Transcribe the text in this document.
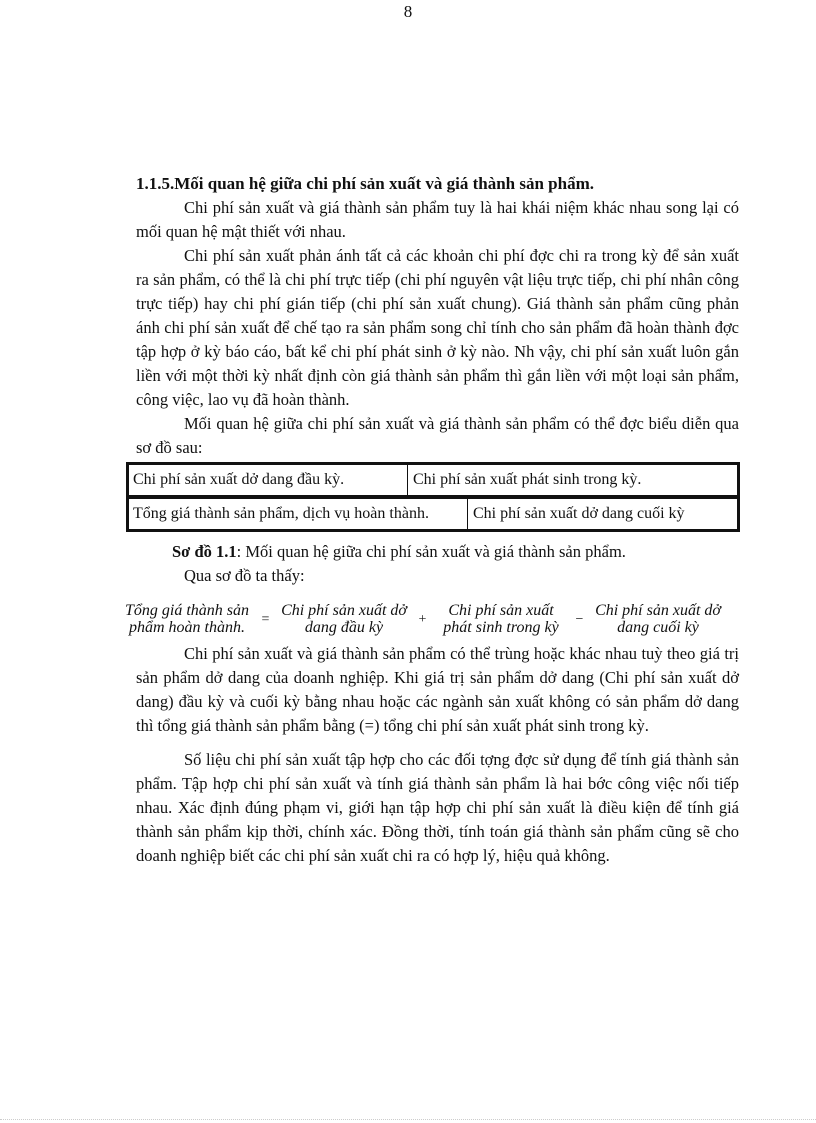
8
1.1.5.Mối quan hệ giữa chi phí sản xuất và giá thành sản phẩm.

Chi phí sản xuất và giá thành sản phẩm tuy là hai khái niệm khác nhau song lại có mối quan hệ mật thiết với nhau.

Chi phí sản xuất phản ánh tất cả các khoản chi phí đợc chi ra trong kỳ để sản xuất ra sản phẩm, có thể là chi phí trực tiếp (chi phí nguyên vật liệu trực tiếp, chi phí nhân công trực tiếp) hay chi phí gián tiếp (chi phí sản xuất chung). Giá thành sản phẩm cũng phản ánh chi phí sản xuất để chế tạo ra sản phẩm song chỉ tính cho sản phẩm đã hoàn thành đợc tập hợp ở kỳ báo cáo, bất kể chi phí phát sinh ở kỳ nào. Nh vậy, chi phí sản xuất luôn gắn liền với một thời kỳ nhất định còn giá thành sản phẩm thì gắn liền với một loại sản phẩm, công việc, lao vụ đã hoàn thành.

Mối quan hệ giữa chi phí sản xuất và giá thành sản phẩm có thể đợc biểu diễn qua sơ đồ sau:

Chi phí sản xuất dở dang đầu kỳ.	Chi phí sản xuất phát sinh trong kỳ.
Tổng giá thành sản phẩm, dịch vụ hoàn thành.	Chi phí sản xuất dở dang cuối kỳ

Sơ đồ 1.1: Mối quan hệ giữa chi phí sản xuất và giá thành sản phẩm.

Qua sơ đồ ta thấy:

Tổng giá thành sản phẩm hoàn thành.	= Chi phí sản xuất dở dang đầu kỳ	+	Chi phí sản xuất phát sinh trong kỳ	− Chi phí sản xuất dở dang cuối kỳ

Chi phí sản xuất và giá thành sản phẩm có thể trùng hoặc khác nhau tuỳ theo giá trị sản phẩm dở dang của doanh nghiệp. Khi giá trị sản phẩm dở dang (Chi phí sản xuất dở dang) đầu kỳ và cuối kỳ bằng nhau hoặc các ngành sản xuất không có sản phẩm dở dang thì tổng giá thành sản phẩm bằng (=) tổng chi phí sản xuất phát sinh trong kỳ.

Số liệu chi phí sản xuất tập hợp cho các đối tợng đợc sử dụng để tính giá thành sản phẩm. Tập hợp chi phí sản xuất và tính giá thành sản phẩm là hai bớc công việc nối tiếp nhau. Xác định đúng phạm vi, giới hạn tập hợp chi phí sản xuất là điều kiện để tính giá thành sản phẩm kịp thời, chính xác. Đồng thời, tính toán giá thành sản phẩm cũng sẽ cho doanh nghiệp biết các chi phí sản xuất chi ra có hợp lý, hiệu quả không.
